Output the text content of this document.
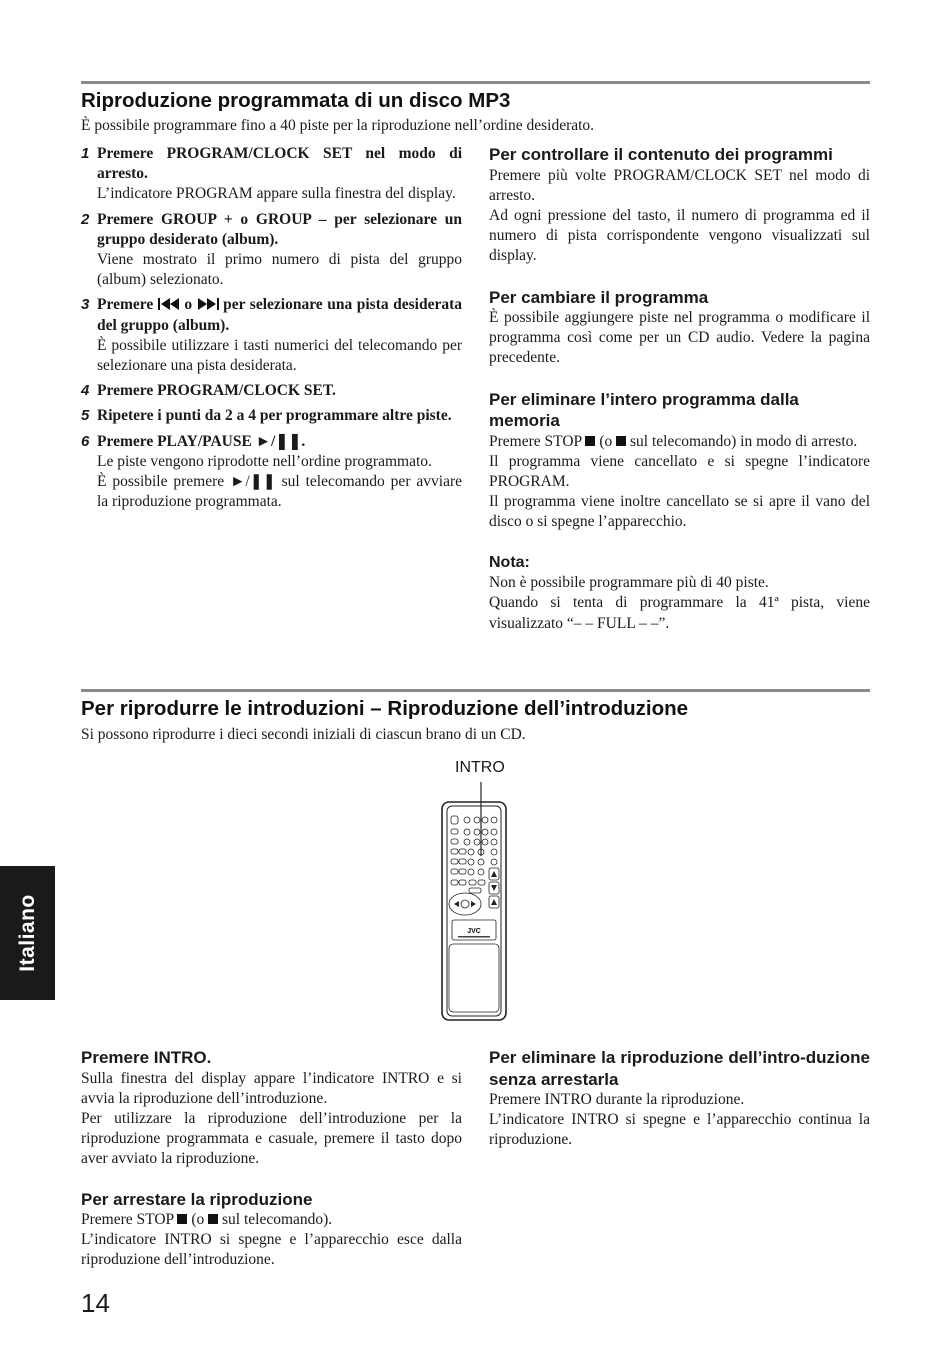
Riproduzione programmata di un disco MP3

È possibile programmare fino a 40 piste per la riproduzione nell’ordine desiderato.

1 Premere PROGRAM/CLOCK SET nel modo di arresto.

L’indicatore PROGRAM appare sulla finestra del display.

2 Premere GROUP + o GROUP – per selezionare un gruppo desiderato (album).

Viene mostrato il primo numero di pista del gruppo (album) selezionato.

3 Premere o per selezionare una pista desiderata del gruppo (album).

È possibile utilizzare i tasti numerici del telecomando per selezionare una pista desiderata.

4 Premere PROGRAM/CLOCK SET.

5 Ripetere i punti da 2 a 4 per programmare altre piste.

6 Premere PLAY/PAUSE ►/❚❚.

Le piste vengono riprodotte nell’ordine programmato.

È possibile premere ►/❚❚ sul telecomando per avviare la riproduzione programmata.

Per controllare il contenuto dei programmi

Premere più volte PROGRAM/CLOCK SET nel modo di arresto.

Ad ogni pressione del tasto, il numero di programma ed il numero di pista corrispondente vengono visualizzati sul display.

Per cambiare il programma

È possibile aggiungere piste nel programma o modificare il programma così come per un CD audio. Vedere la pagina precedente.

Per eliminare l’intero programma dalla memoria

Premere STOP (o sul telecomando) in modo di arresto.

Il programma viene cancellato e si spegne l’indicatore PROGRAM.

Il programma viene inoltre cancellato se si apre il vano del disco o si spegne l’apparecchio.

Nota:

Non è possibile programmare più di 40 piste.

Quando si tenta di programmare la 41ª pista, viene visualizzato “– – FULL – –”.

Per riprodurre le introduzioni – Riproduzione dell’introduzione

Si possono riprodurre i dieci secondi iniziali di ciascun brano di un CD.

INTRO

JVC

Premere INTRO.

Sulla finestra del display appare l’indicatore INTRO e si avvia la riproduzione dell’introduzione.

Per utilizzare la riproduzione dell’introduzione per la riproduzione programmata e casuale, premere il tasto dopo aver avviato la riproduzione.

Per arrestare la riproduzione

Premere STOP (o sul telecomando).

L’indicatore INTRO si spegne e l’apparecchio esce dalla riproduzione dell’introduzione.

Per eliminare la riproduzione dell’intro-duzione senza arrestarla

Premere INTRO durante la riproduzione.

L’indicatore INTRO si spegne e l’apparecchio continua la riproduzione.

Italiano

14
